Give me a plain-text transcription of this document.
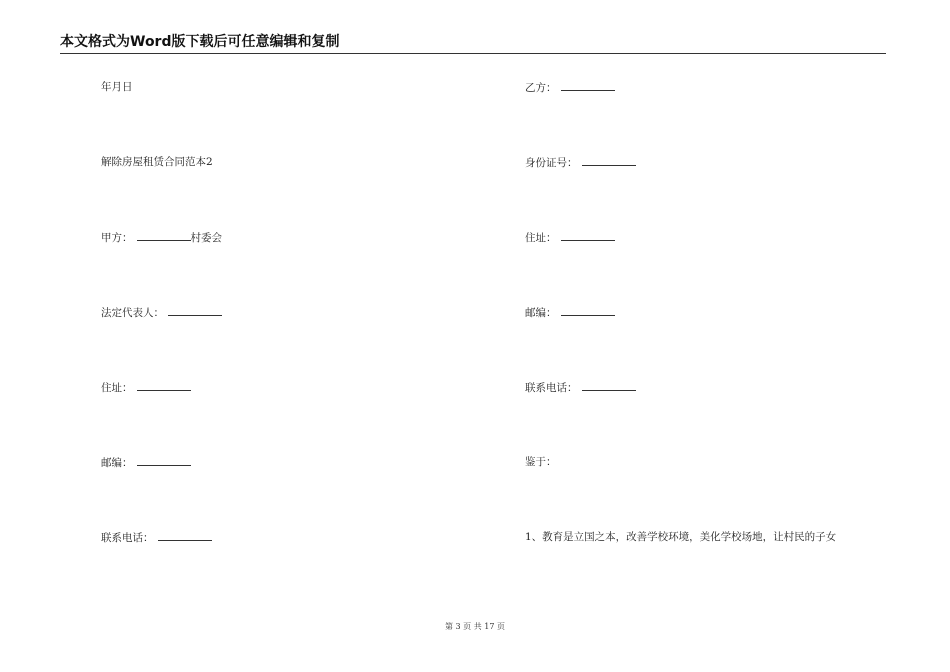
本文格式为Word版下载后可任意编辑和复制
年月日
解除房屋租赁合同范本2
甲方：	村委会
法定代表人：
住址：
邮编：
联系电话：
乙方：
身份证号：
住址：
邮编：
联系电话：
鉴于：
1、教育是立国之本，改善学校环境，美化学校场地，让村民的子女
第 3 页 共 17 页
